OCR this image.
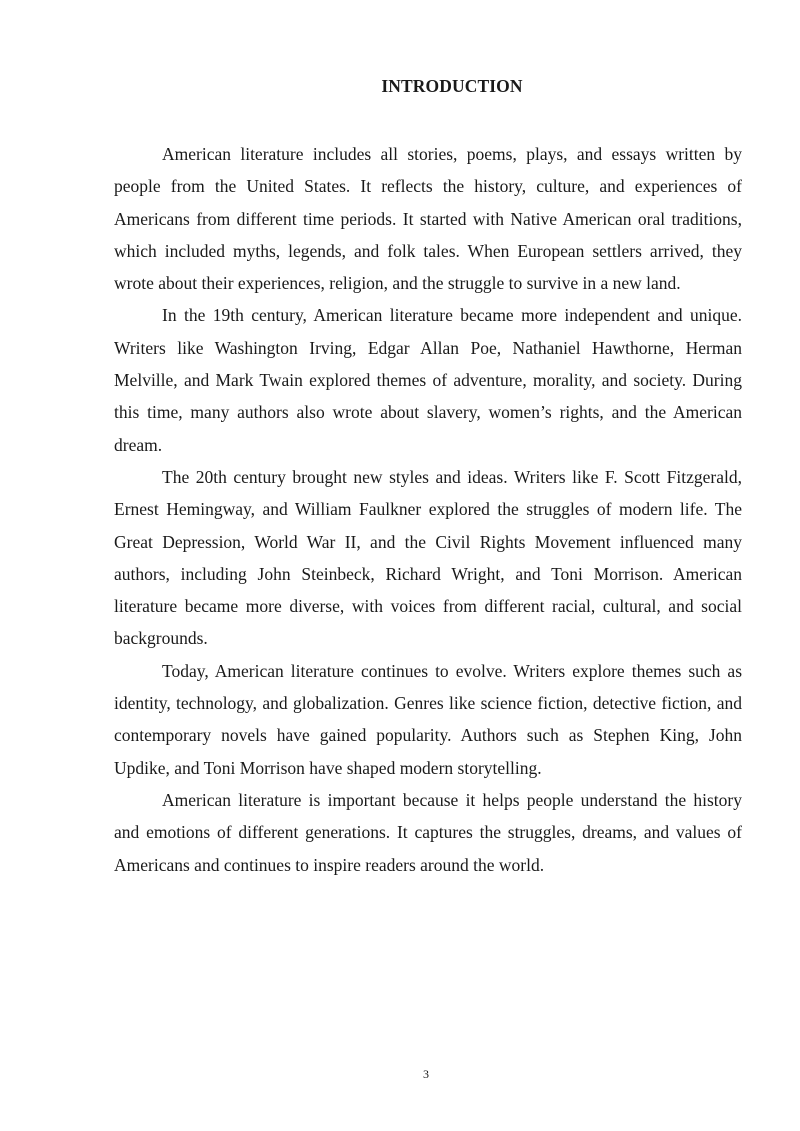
INTRODUCTION

American literature includes all stories, poems, plays, and essays written by people from the United States. It reflects the history, culture, and experiences of Americans from different time periods. It started with Native American oral traditions, which included myths, legends, and folk tales. When European settlers arrived, they wrote about their experiences, religion, and the struggle to survive in a new land.

In the 19th century, American literature became more independent and unique. Writers like Washington Irving, Edgar Allan Poe, Nathaniel Hawthorne, Herman Melville, and Mark Twain explored themes of adventure, morality, and society. During this time, many authors also wrote about slavery, women’s rights, and the American dream.

The 20th century brought new styles and ideas. Writers like F. Scott Fitzgerald, Ernest Hemingway, and William Faulkner explored the struggles of modern life. The Great Depression, World War II, and the Civil Rights Movement influenced many authors, including John Steinbeck, Richard Wright, and Toni Morrison. American literature became more diverse, with voices from different racial, cultural, and social backgrounds.

Today, American literature continues to evolve. Writers explore themes such as identity, technology, and globalization. Genres like science fiction, detective fiction, and contemporary novels have gained popularity. Authors such as Stephen King, John Updike, and Toni Morrison have shaped modern storytelling.

American literature is important because it helps people understand the history and emotions of different generations. It captures the struggles, dreams, and values of Americans and continues to inspire readers around the world.

3
